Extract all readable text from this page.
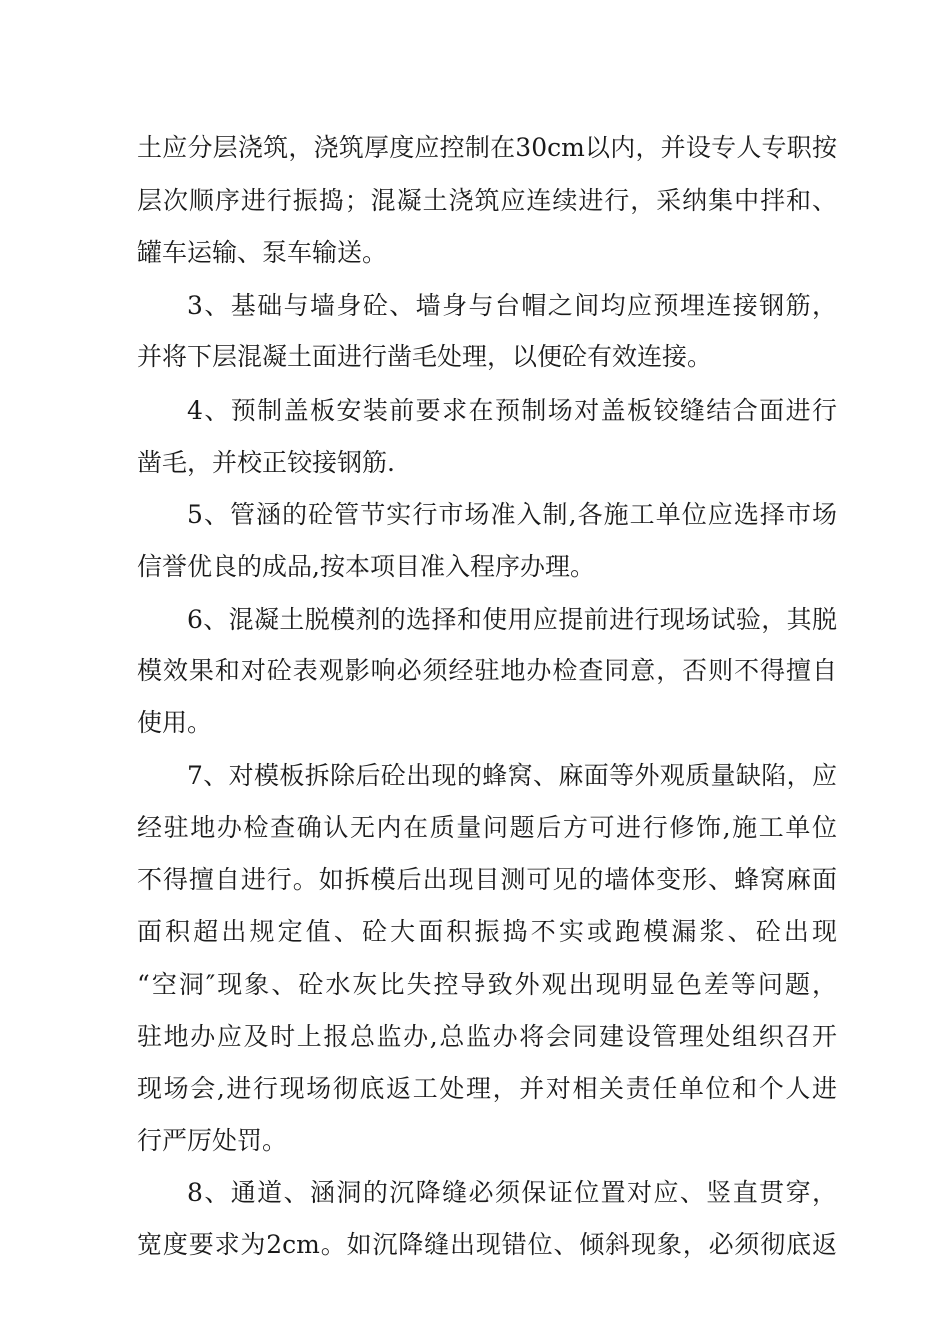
土应分层浇筑，浇筑厚度应控制在30cm以内，并设专人专职按
层次顺序进行振捣；混凝土浇筑应连续进行，采纳集中拌和、
罐车运输、泵车输送。
3、基础与墙身砼、墙身与台帽之间均应预埋连接钢筋，
并将下层混凝土面进行凿毛处理，以便砼有效连接。
4、预制盖板安装前要求在预制场对盖板铰缝结合面进行
凿毛，并校正铰接钢筋.
5、管涵的砼管节实行市场准入制,各施工单位应选择市场
信誉优良的成品,按本项目准入程序办理。
6、混凝土脱模剂的选择和使用应提前进行现场试验，其脱
模效果和对砼表观影响必须经驻地办检查同意，否则不得擅自
使用。
7、对模板拆除后砼出现的蜂窝、麻面等外观质量缺陷，应
经驻地办检查确认无内在质量问题后方可进行修饰,施工单位
不得擅自进行。如拆模后出现目测可见的墙体变形、蜂窝麻面
面积超出规定值、砼大面积振捣不实或跑模漏浆、砼出现
“空洞″现象、砼水灰比失控导致外观出现明显色差等问题，
驻地办应及时上报总监办,总监办将会同建设管理处组织召开
现场会,进行现场彻底返工处理，并对相关责任单位和个人进
行严厉处罚。
8、通道、涵洞的沉降缝必须保证位置对应、竖直贯穿，
宽度要求为2cm。如沉降缝出现错位、倾斜现象，必须彻底返
